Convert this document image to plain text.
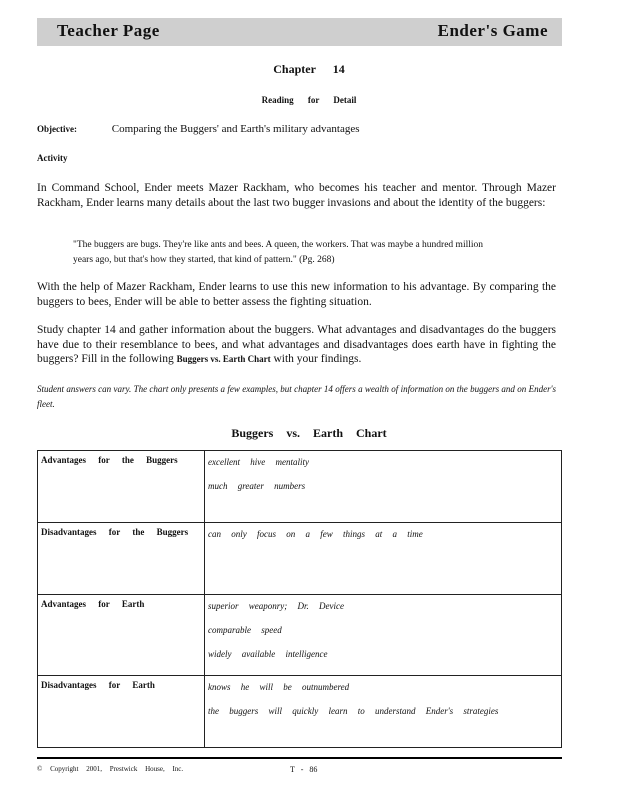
Teacher Page	Ender's Game
Chapter 14
Reading for Detail
Objective:	Comparing the Buggers' and Earth's military advantages
Activity
In Command School, Ender meets Mazer Rackham, who becomes his teacher and mentor. Through Mazer Rackham, Ender learns many details about the last two bugger invasions and about the identity of the buggers:
"The buggers are bugs. They're like ants and bees. A queen, the workers. That was maybe a hundred million years ago, but that's how they started, that kind of pattern." (Pg. 268)
With the help of Mazer Rackham, Ender learns to use this new information to his advantage. By comparing the buggers to bees, Ender will be able to better assess the fighting situation.
Study chapter 14 and gather information about the buggers. What advantages and disadvantages do the buggers have due to their resemblance to bees, and what advantages and disadvantages does earth have in fighting the buggers? Fill in the following Buggers vs. Earth Chart with your findings.
Student answers can vary. The chart only presents a few examples, but chapter 14 offers a wealth of information on the buggers and on Ender's fleet.
Buggers vs. Earth Chart
Advantages for the Buggers	excellent hive mentality
much greater numbers

Disadvantages for the Buggers	can only focus on a few things at a time

Advantages for Earth	superior weaponry; Dr. Device
comparable speed
widely available intelligence

Disadvantages for Earth	knows he will be outnumbered
the buggers will quickly learn to understand Ender's strategies
© Copyright 2001, Prestwick House, Inc.	T - 86
